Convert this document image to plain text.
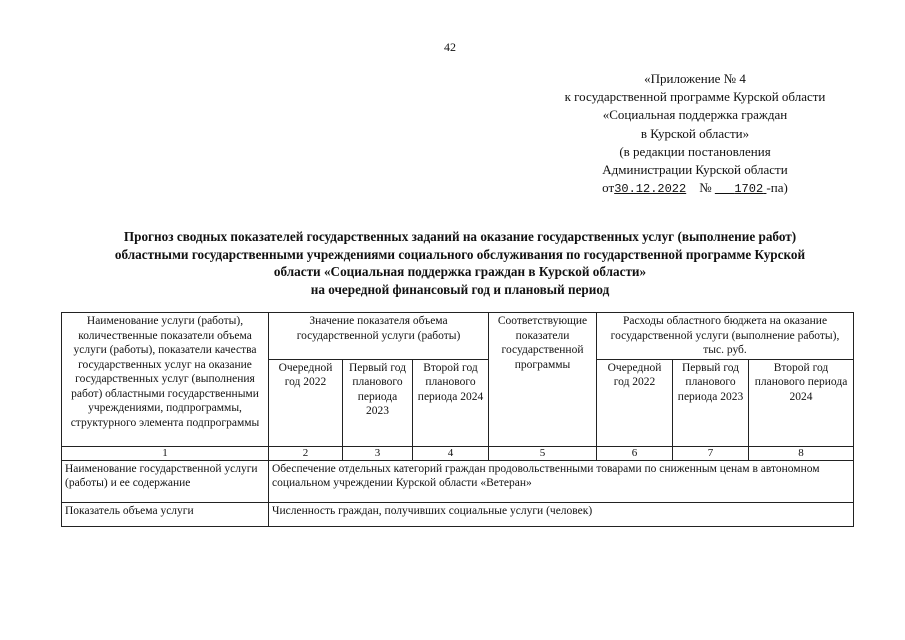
42
«Приложение № 4
к государственной программе Курской области
«Социальная поддержка граждан
в Курской области»
(в редакции постановления
Администрации Курской области
от30.12.2022 № 1702 -па)
Прогноз сводных показателей государственных заданий на оказание государственных услуг (выполнение работ)
областными государственными учреждениями социального обслуживания по государственной программе Курской
области «Социальная поддержка граждан в Курской области»
на очередной финансовый год и плановый период
Наименование услуги (работы), количественные показатели объема услуги (работы), показатели качества государственных услуг на оказание государственных услуг (выполнения работ) областными государственными учреждениями, подпрограммы, структурного элемента подпрограммы	Значение показателя объема государственной услуги (работы)			Соответствующие показатели государственной программы	Расходы областного бюджета на оказание государственной услуги (выполнение работы), тыс. руб.		
	Очередной год 2022	Первый год планового периода 2023	Второй год планового периода 2024		Очередной год 2022	Первый год планового периода 2023	Второй год планового периода 2024
1	2	3	4	5	6	7	8
Наименование государственной услуги (работы) и ее содержание	Обеспечение отдельных категорий граждан продовольственными товарами по сниженным ценам в автономном социальном учреждении Курской области «Ветеран»						
Показатель объема услуги	Численность граждан, получивших социальные услуги (человек)						
